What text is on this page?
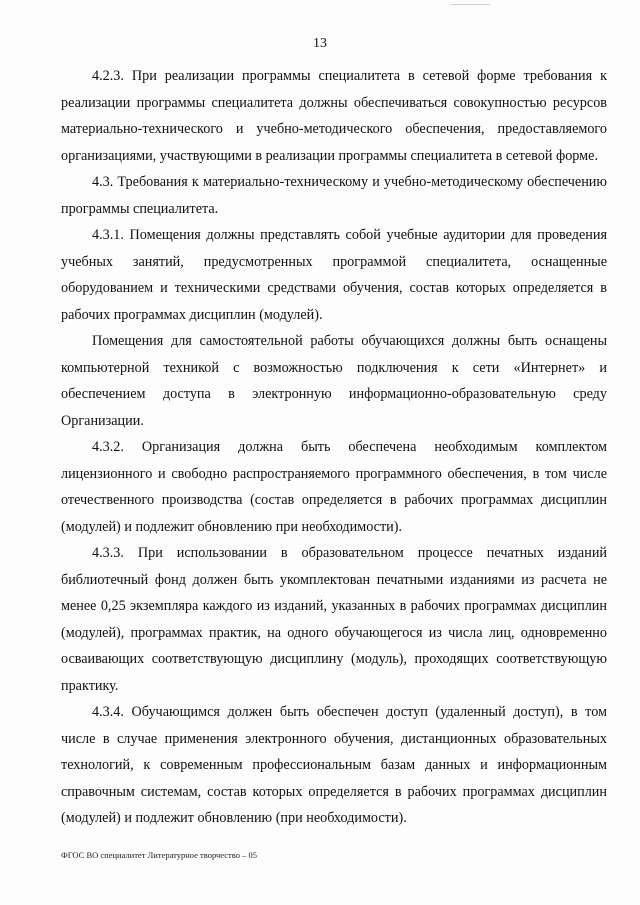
13

4.2.3. При реализации программы специалитета в сетевой форме требования к реализации программы специалитета должны обеспечиваться совокупностью ресурсов материально-технического и учебно-методического обеспечения, предоставляемого организациями, участвующими в реализации программы специалитета в сетевой форме.

4.3. Требования к материально-техническому и учебно-методическому обеспечению программы специалитета.

4.3.1. Помещения должны представлять собой учебные аудитории для проведения учебных занятий, предусмотренных программой специалитета, оснащенные оборудованием и техническими средствами обучения, состав которых определяется в рабочих программах дисциплин (модулей).

Помещения для самостоятельной работы обучающихся должны быть оснащены компьютерной техникой с возможностью подключения к сети «Интернет» и обеспечением доступа в электронную информационно-образовательную среду Организации.

4.3.2. Организация должна быть обеспечена необходимым комплектом лицензионного и свободно распространяемого программного обеспечения, в том числе отечественного производства (состав определяется в рабочих программах дисциплин (модулей) и подлежит обновлению при необходимости).

4.3.3. При использовании в образовательном процессе печатных изданий библиотечный фонд должен быть укомплектован печатными изданиями из расчета не менее 0,25 экземпляра каждого из изданий, указанных в рабочих программах дисциплин (модулей), программах практик, на одного обучающегося из числа лиц, одновременно осваивающих соответствующую дисциплину (модуль), проходящих соответствующую практику.

4.3.4. Обучающимся должен быть обеспечен доступ (удаленный доступ), в том числе в случае применения электронного обучения, дистанционных образовательных технологий, к современным профессиональным базам данных и информационным справочным системам, состав которых определяется в рабочих программах дисциплин (модулей) и подлежит обновлению (при необходимости).

ФГОС ВО специалитет Литературное творчество – 05
